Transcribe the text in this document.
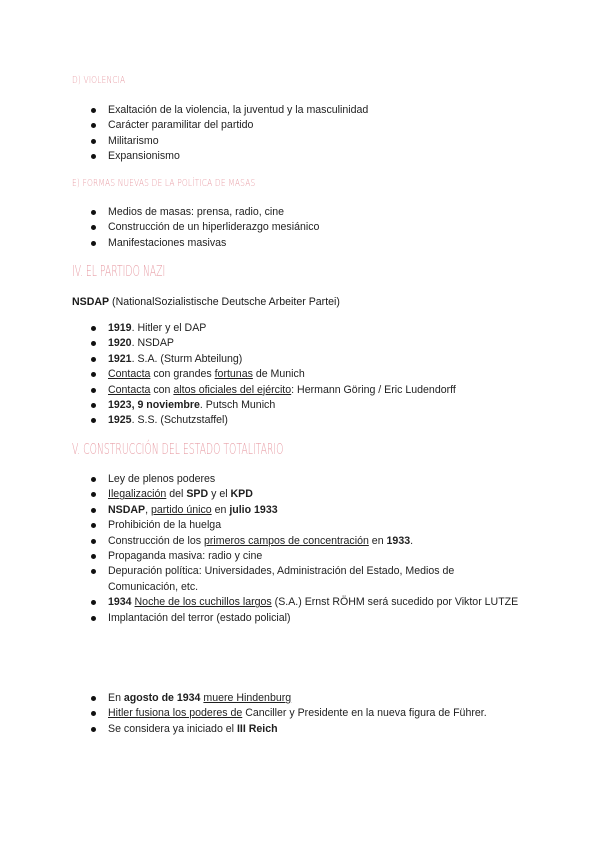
D) VIOLENCIA
Exaltación de la violencia, la juventud y la masculinidad
Carácter paramilitar del partido
Militarismo
Expansionismo
E) FORMAS NUEVAS DE LA POLÍTICA DE MASAS
Medios de masas: prensa, radio, cine
Construcción de un hiperliderazgo mesiánico
Manifestaciones masivas
IV. EL PARTIDO NAZI
NSDAP (NationalSozialistische Deutsche Arbeiter Partei)
1919. Hitler y el DAP
1920. NSDAP
1921. S.A. (Sturm Abteilung)
Contacta con grandes fortunas de Munich
Contacta con altos oficiales del ejército: Hermann Göring / Eric Ludendorff
1923, 9 noviembre. Putsch Munich
1925. S.S. (Schutzstaffel)
V. CONSTRUCCIÓN DEL ESTADO TOTALITARIO
Ley de plenos poderes
Ilegalización del SPD y el KPD
NSDAP, partido único en julio 1933
Prohibición de la huelga
Construcción de los primeros campos de concentración en 1933.
Propaganda masiva: radio y cine
Depuración política: Universidades, Administración del Estado, Medios de Comunicación, etc.
1934 Noche de los cuchillos largos (S.A.) Ernst RÖHM será sucedido por Viktor LUTZE
Implantación del terror (estado policial)
En agosto de 1934 muere Hindenburg
Hitler fusiona los poderes de Canciller y Presidente en la nueva figura de Führer.
Se considera ya iniciado el III Reich
